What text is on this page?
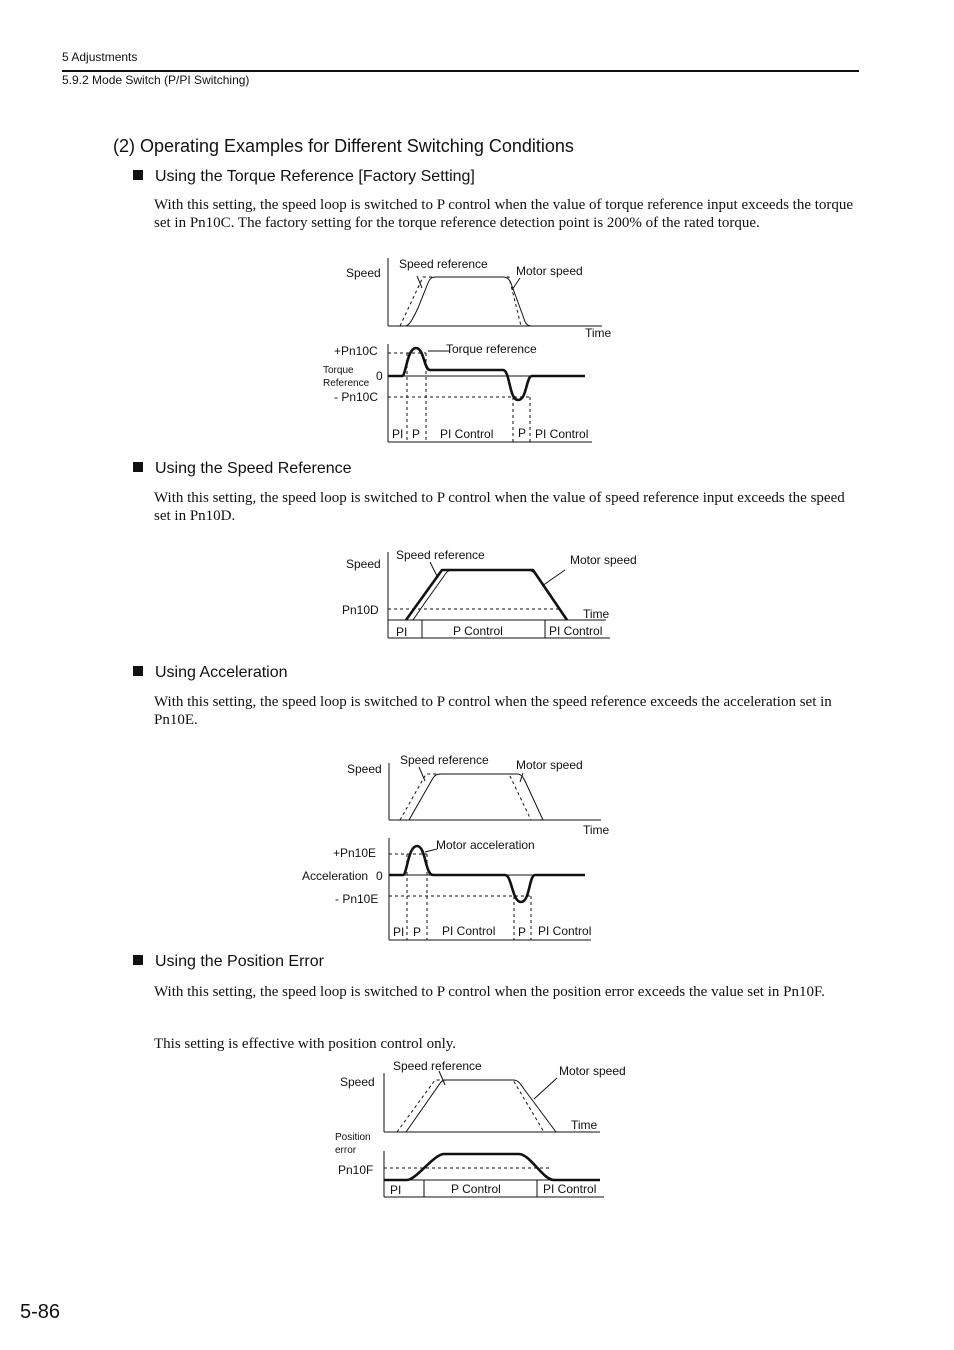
5 Adjustments
5.9.2 Mode Switch (P/PI Switching)
(2) Operating Examples for Different Switching Conditions
Using the Torque Reference [Factory Setting]
With this setting, the speed loop is switched to P control when the value of torque reference input exceeds the torque set in Pn10C. The factory setting for the torque reference detection point is 200% of the rated torque.
Speed
Speed reference Motor speed
Time
+Pn10C	Torque reference
Torque
Reference
0
- Pn10C
PI P PI Control P PI Control
Using the Speed Reference
With this setting, the speed loop is switched to P control when the value of speed reference input exceeds the speed set in Pn10D.
Speed
Speed reference	Motor speed
Pn10D	Time
PI	P Control	PI Control
Using Acceleration
With this setting, the speed loop is switched to P control when the speed reference exceeds the acceleration set in Pn10E.
Speed
Speed reference Motor speed
Time
+Pn10E
Motor acceleration
Acceleration 0
- Pn10E
PI P PI Control P PI Control
Using the Position Error
With this setting, the speed loop is switched to P control when the position error exceeds the value set in Pn10F.
This setting is effective with position control only.
Speed
Speed reference	Motor speed
Time
Position
error
Pn10F
PI	P Control	PI Control
5-86
